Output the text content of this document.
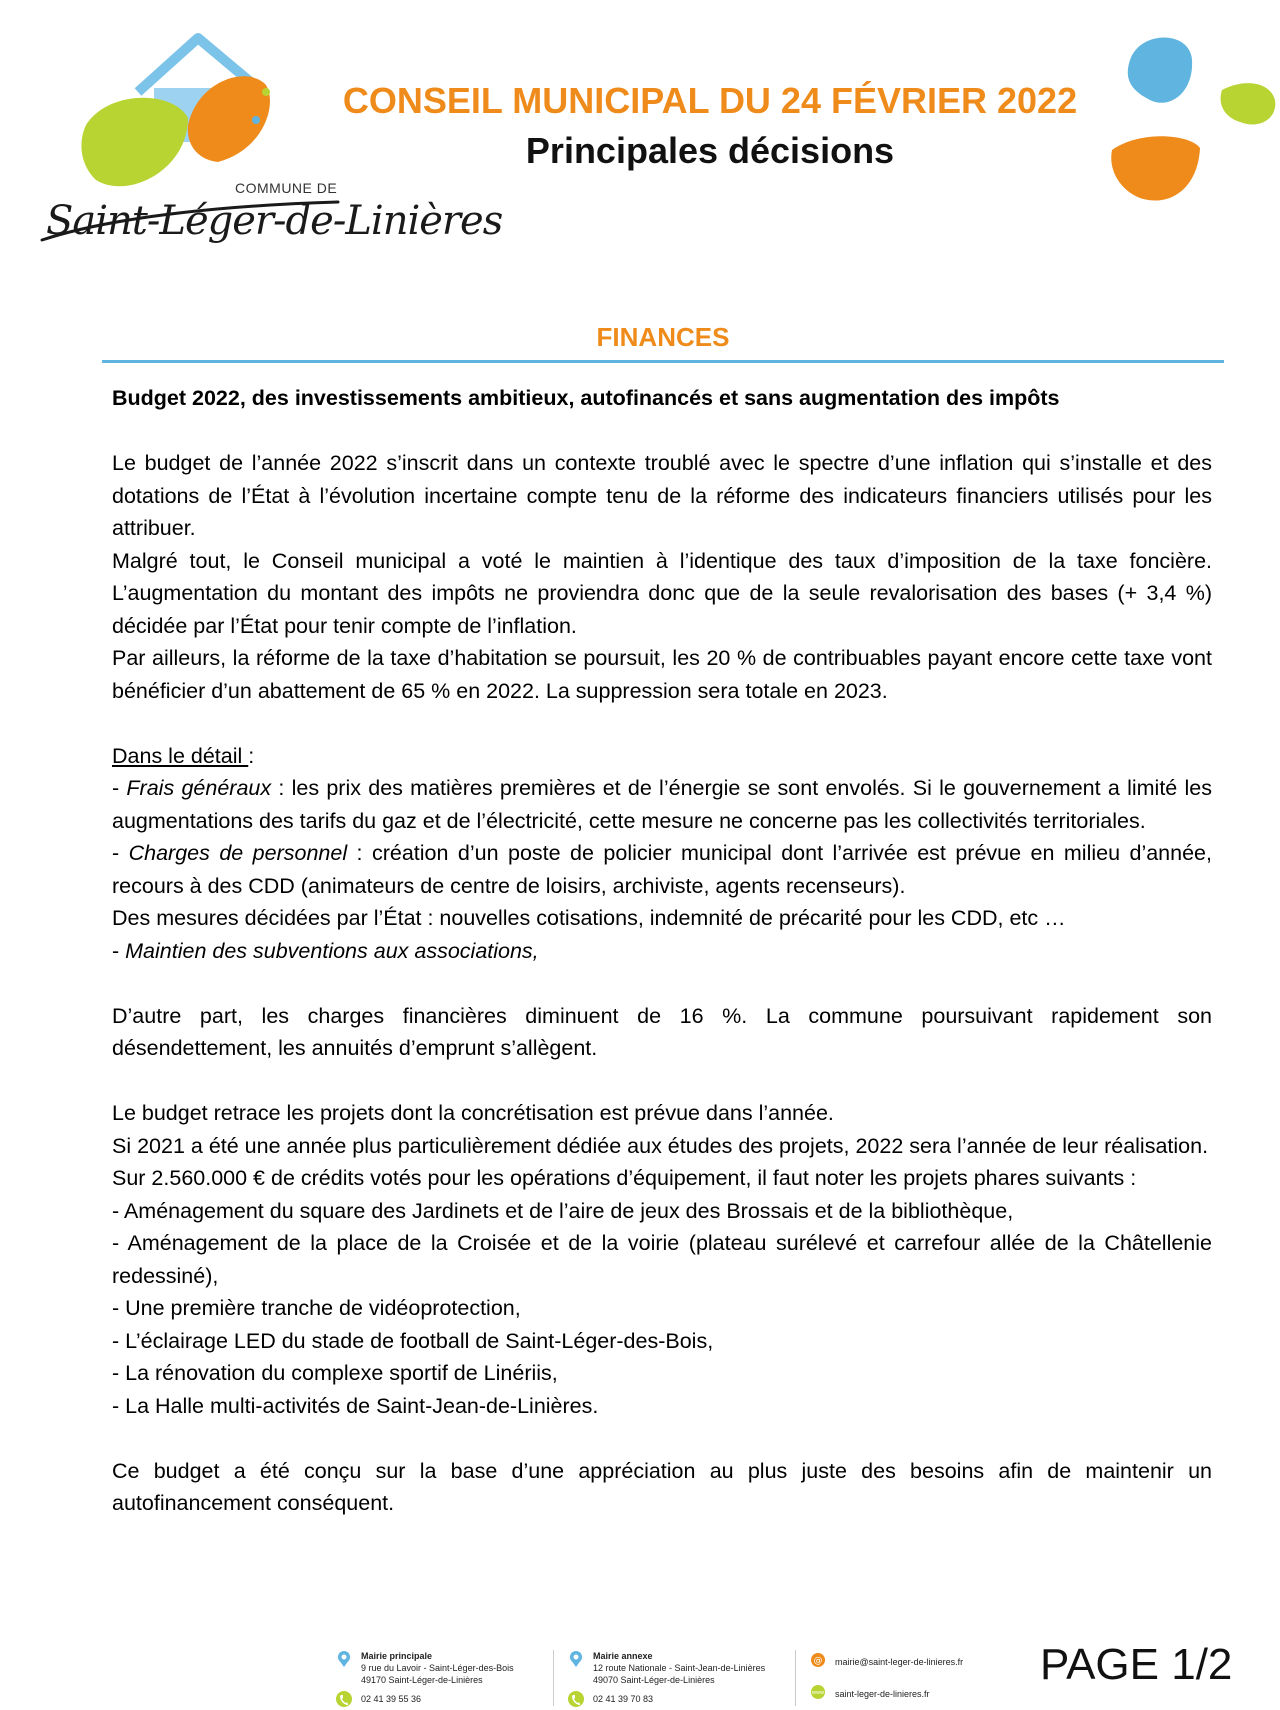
COMMUNE DE
Saint-Léger-de-Linières
CONSEIL MUNICIPAL DU 24 FÉVRIER 2022
Principales décisions
FINANCES

Budget 2022, des investissements ambitieux, autofinancés et sans augmentation des impôts

Le budget de l’année 2022 s’inscrit dans un contexte troublé avec le spectre d’une inflation qui s’installe et des dotations de l’État à l’évolution incertaine compte tenu de la réforme des indicateurs financiers utilisés pour les attribuer.

Malgré tout, le Conseil municipal a voté le maintien à l’identique des taux d’imposition de la taxe foncière. L’augmentation du montant des impôts ne proviendra donc que de la seule revalorisation des bases (+ 3,4 %) décidée par l’État pour tenir compte de l’inflation.

Par ailleurs, la réforme de la taxe d’habitation se poursuit, les 20 % de contribuables payant encore cette taxe vont bénéficier d’un abattement de 65 % en 2022. La suppression sera totale en 2023.

Dans le détail :

- Frais généraux : les prix des matières premières et de l’énergie se sont envolés. Si le gouvernement a limité les augmentations des tarifs du gaz et de l’électricité, cette mesure ne concerne pas les collectivités territoriales.

- Charges de personnel : création d’un poste de policier municipal dont l’arrivée est prévue en milieu d’année, recours à des CDD (animateurs de centre de loisirs, archiviste, agents recenseurs).

Des mesures décidées par l’État : nouvelles cotisations, indemnité de précarité pour les CDD, etc …

- Maintien des subventions aux associations,

D’autre part, les charges financières diminuent de 16 %. La commune poursuivant rapidement son désendettement, les annuités d’emprunt s’allègent.

Le budget retrace les projets dont la concrétisation est prévue dans l’année.

Si 2021 a été une année plus particulièrement dédiée aux études des projets, 2022 sera l’année de leur réalisation.

Sur 2.560.000 € de crédits votés pour les opérations d’équipement, il faut noter les projets phares suivants :

- Aménagement du square des Jardinets et de l’aire de jeux des Brossais et de la bibliothèque,

- Aménagement de la place de la Croisée et de la voirie (plateau surélevé et carrefour allée de la Châtellenie redessiné),

- Une première tranche de vidéoprotection,

- L’éclairage LED du stade de football de Saint-Léger-des-Bois,

- La rénovation du complexe sportif de Linériis,

- La Halle multi-activités de Saint-Jean-de-Linières.

Ce budget a été conçu sur la base d’une appréciation au plus juste des besoins afin de maintenir un autofinancement conséquent.

Mairie principale
9 rue du Lavoir - Saint-Léger-des-Bois
49170 Saint-Léger-de-Linières
02 41 39 55 36
Mairie annexe
12 route Nationale - Saint-Jean-de-Linières
49070 Saint-Léger-de-Linières
02 41 39 70 83
@ mairie@saint-leger-de-linieres.fr
www saint-leger-de-linieres.fr
PAGE 1/2
